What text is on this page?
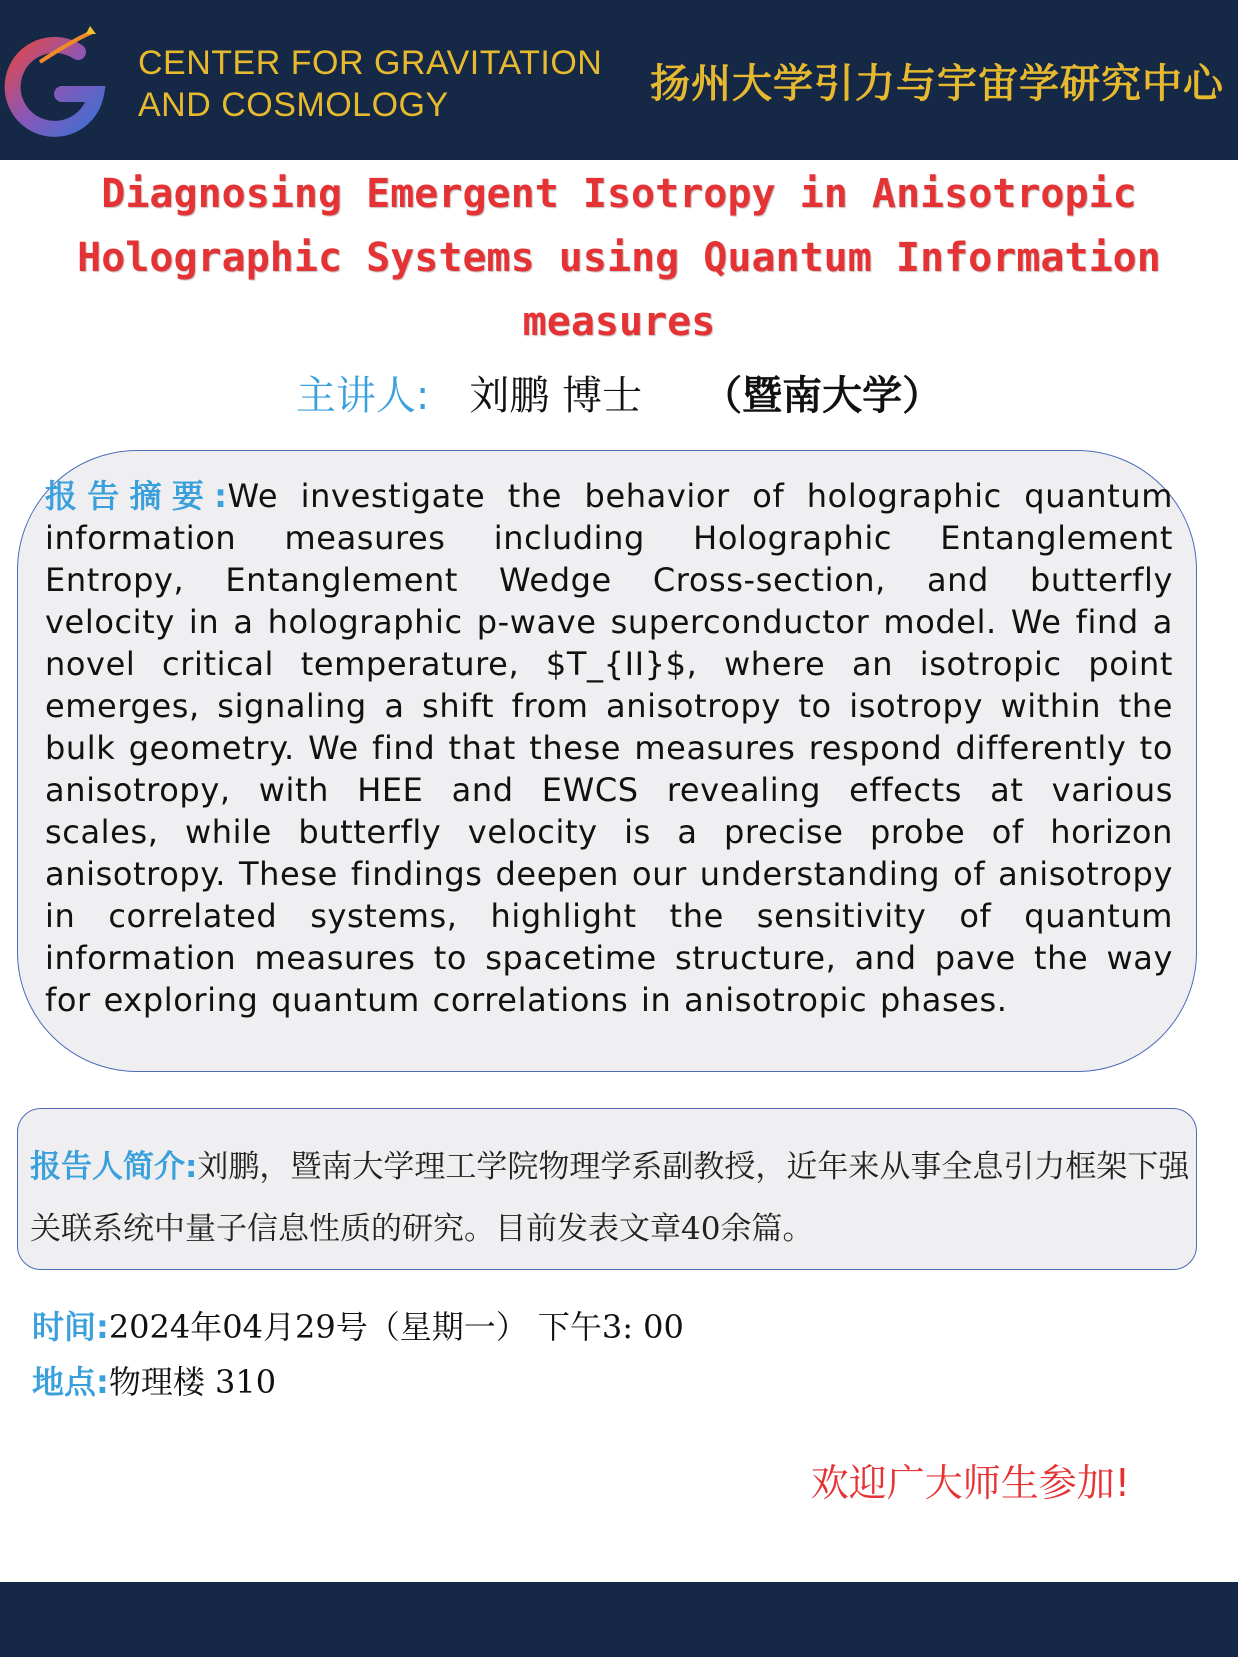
CENTER FOR GRAVITATION
AND COSMOLOGY	扬州大学引力与宇宙学研究中心
Diagnosing Emergent Isotropy in Anisotropic
Holographic Systems using Quantum Information
measures
主讲人: 刘鹏 博士 （暨南大学）
报告摘要:We investigate the behavior of holographic quantum information measures including Holographic Entanglement Entropy, Entanglement Wedge Cross-section, and butterfly velocity in a holographic p-wave superconductor model. We find a novel critical temperature, $T_{II}$, where an isotropic point emerges, signaling a shift from anisotropy to isotropy within the bulk geometry. We find that these measures respond differently to anisotropy, with HEE and EWCS revealing effects at various scales, while butterfly velocity is a precise probe of horizon anisotropy. These findings deepen our understanding of anisotropy in correlated systems, highlight the sensitivity of quantum information measures to spacetime structure, and pave the way for exploring quantum correlations in anisotropic phases.
报告人简介:刘鹏，暨南大学理工学院物理学系副教授，近年来从事全息引力框架下强关联系统中量子信息性质的研究。目前发表文章40余篇。
时间:2024年04月29号（星期一） 下午3: 00
地点:物理楼 310
欢迎广大师生参加!
